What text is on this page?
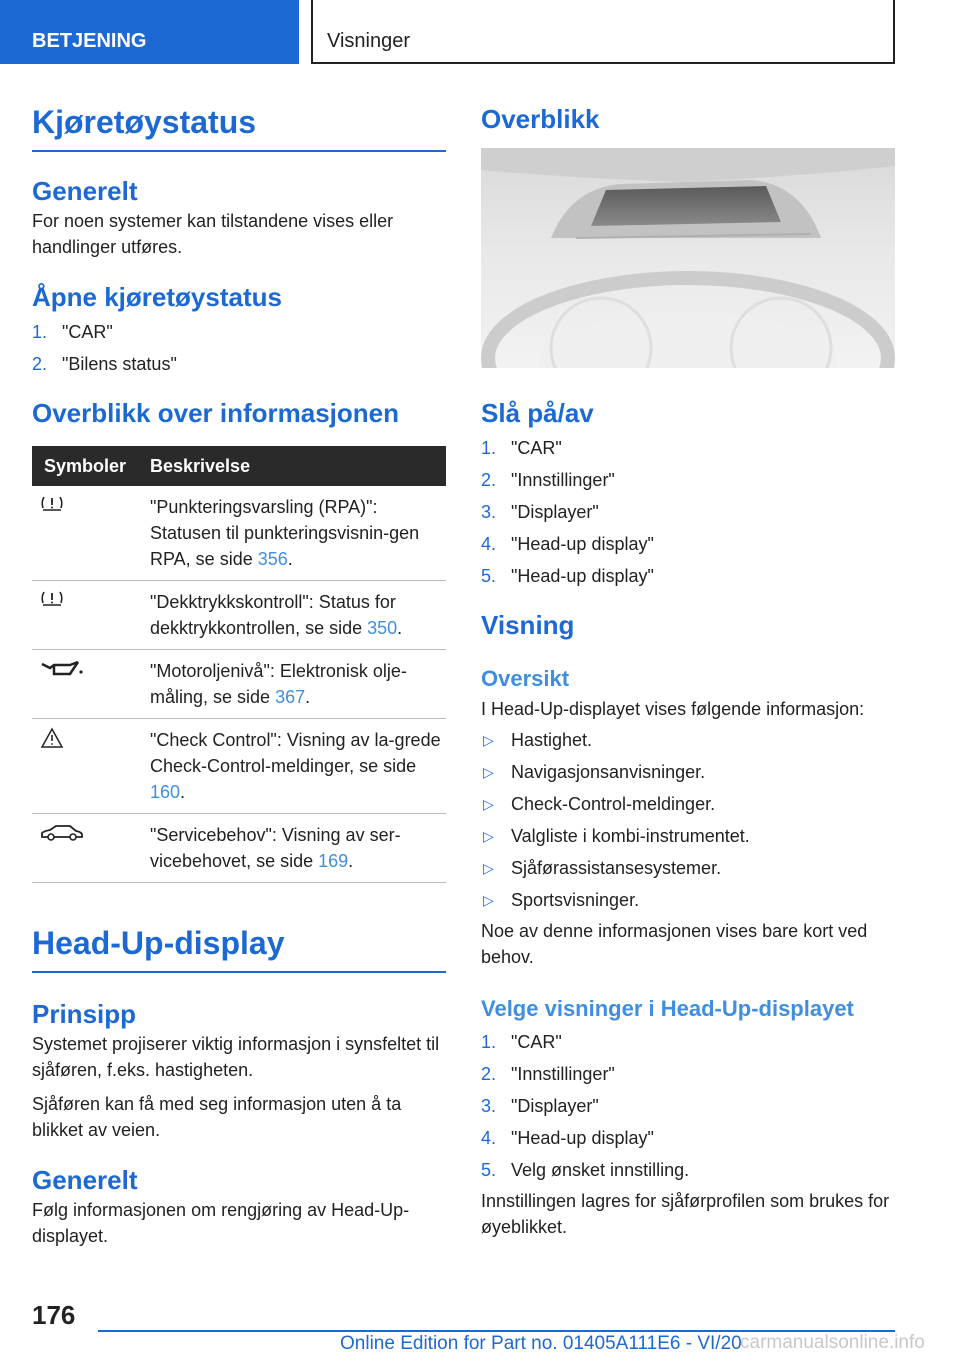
BETJENING	Visninger
Kjøretøystatus
Generelt

For noen systemer kan tilstandene vises eller handlinger utføres.

Åpne kjøretøystatus
1. "CAR"
2. "Bilens status"
Overblikk over informasjonen
Symboler	Beskrivelse
	"Punkteringsvarsling (RPA)": Statusen til punkteringsvisnin-gen RPA, se side 356.
	"Dekktrykkskontroll": Status for dekktrykkontrollen, se side 350.
	"Motoroljenivå": Elektronisk olje-måling, se side 367.
	"Check Control": Visning av la-grede Check-Control-meldinger, se side 160.
	"Servicebehov": Visning av ser-vicebehovet, se side 169.
Head-Up-display
Prinsipp

Systemet projiserer viktig informasjon i synsfeltet til sjåføren, f.eks. hastigheten.

Sjåføren kan få med seg informasjon uten å ta blikket av veien.

Generelt

Følg informasjonen om rengjøring av Head-Up-displayet.

Overblikk
Slå på/av
1. "CAR"
2. "Innstillinger"
3. "Displayer"
4. "Head-up display"
5. "Head-up display"
Visning
Oversikt

I Head-Up-displayet vises følgende informasjon:

▷ Hastighet.
▷ Navigasjonsanvisninger.
▷ Check-Control-meldinger.
▷ Valgliste i kombi-instrumentet.
▷ Sjåførassistansesystemer.
▷ Sportsvisninger.

Noe av denne informasjonen vises bare kort ved behov.

Velge visninger i Head-Up-displayet
1. "CAR"
2. "Innstillinger"
3. "Displayer"
4. "Head-up display"
5. Velg ønsket innstilling.

Innstillingen lagres for sjåførprofilen som brukes for øyeblikket.

176
Online Edition for Part no. 01405A111E6 - VI/20
carmanualsonline.info
